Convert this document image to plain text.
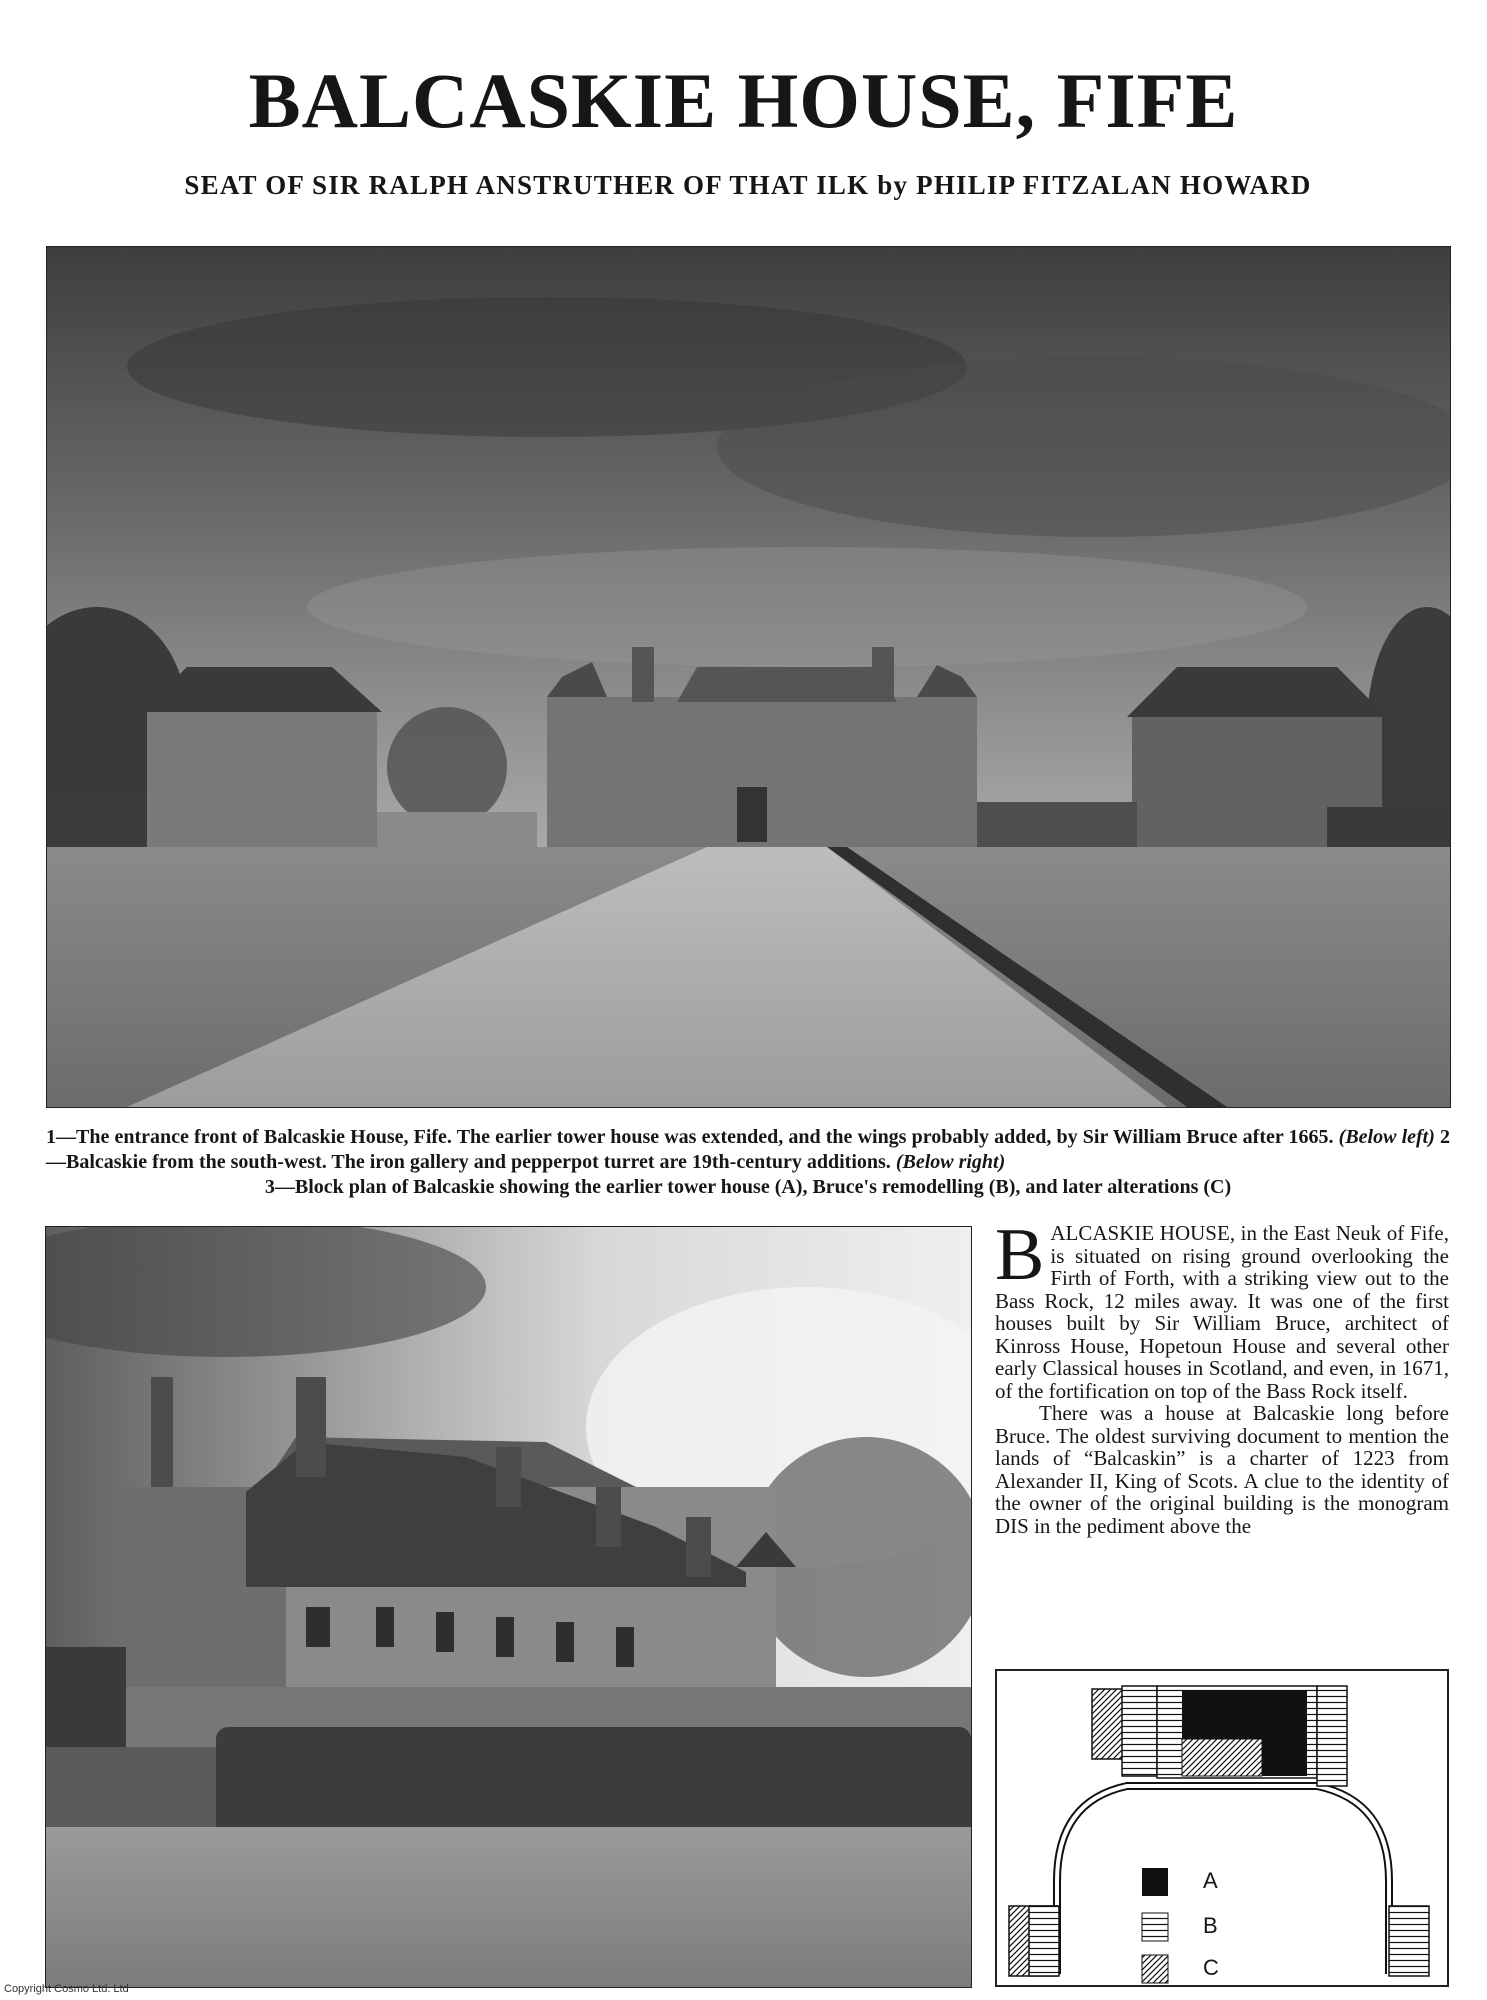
BALCASKIE HOUSE, FIFE
SEAT OF SIR RALPH ANSTRUTHER OF THAT ILK by PHILIP FITZALAN HOWARD
1—The entrance front of Balcaskie House, Fife. The earlier tower house was extended, and the wings probably added, by Sir William Bruce after 1665. (Below left) 2—Balcaskie from the south-west. The iron gallery and pepperpot turret are 19th-century additions. (Below right)
3—Block plan of Balcaskie showing the earlier tower house (A), Bruce's remodelling (B), and later alterations (C)

BALCASKIE HOUSE, in the East Neuk of Fife, is situated on rising ground overlooking the Firth of Forth, with a striking view out to the Bass Rock, 12 miles away. It was one of the first houses built by Sir William Bruce, architect of Kinross House, Hopetoun House and several other early Classical houses in Scotland, and even, in 1671, of the fortification on top of the Bass Rock itself.

There was a house at Balcaskie long before Bruce. The oldest surviving document to mention the lands of “Balcaskin” is a charter of 1223 from Alexander II, King of Scots. A clue to the identity of the owner of the original building is the monogram DIS in the pediment above the

A
B
C
Copyright Cosmo Ltd. Ltd
